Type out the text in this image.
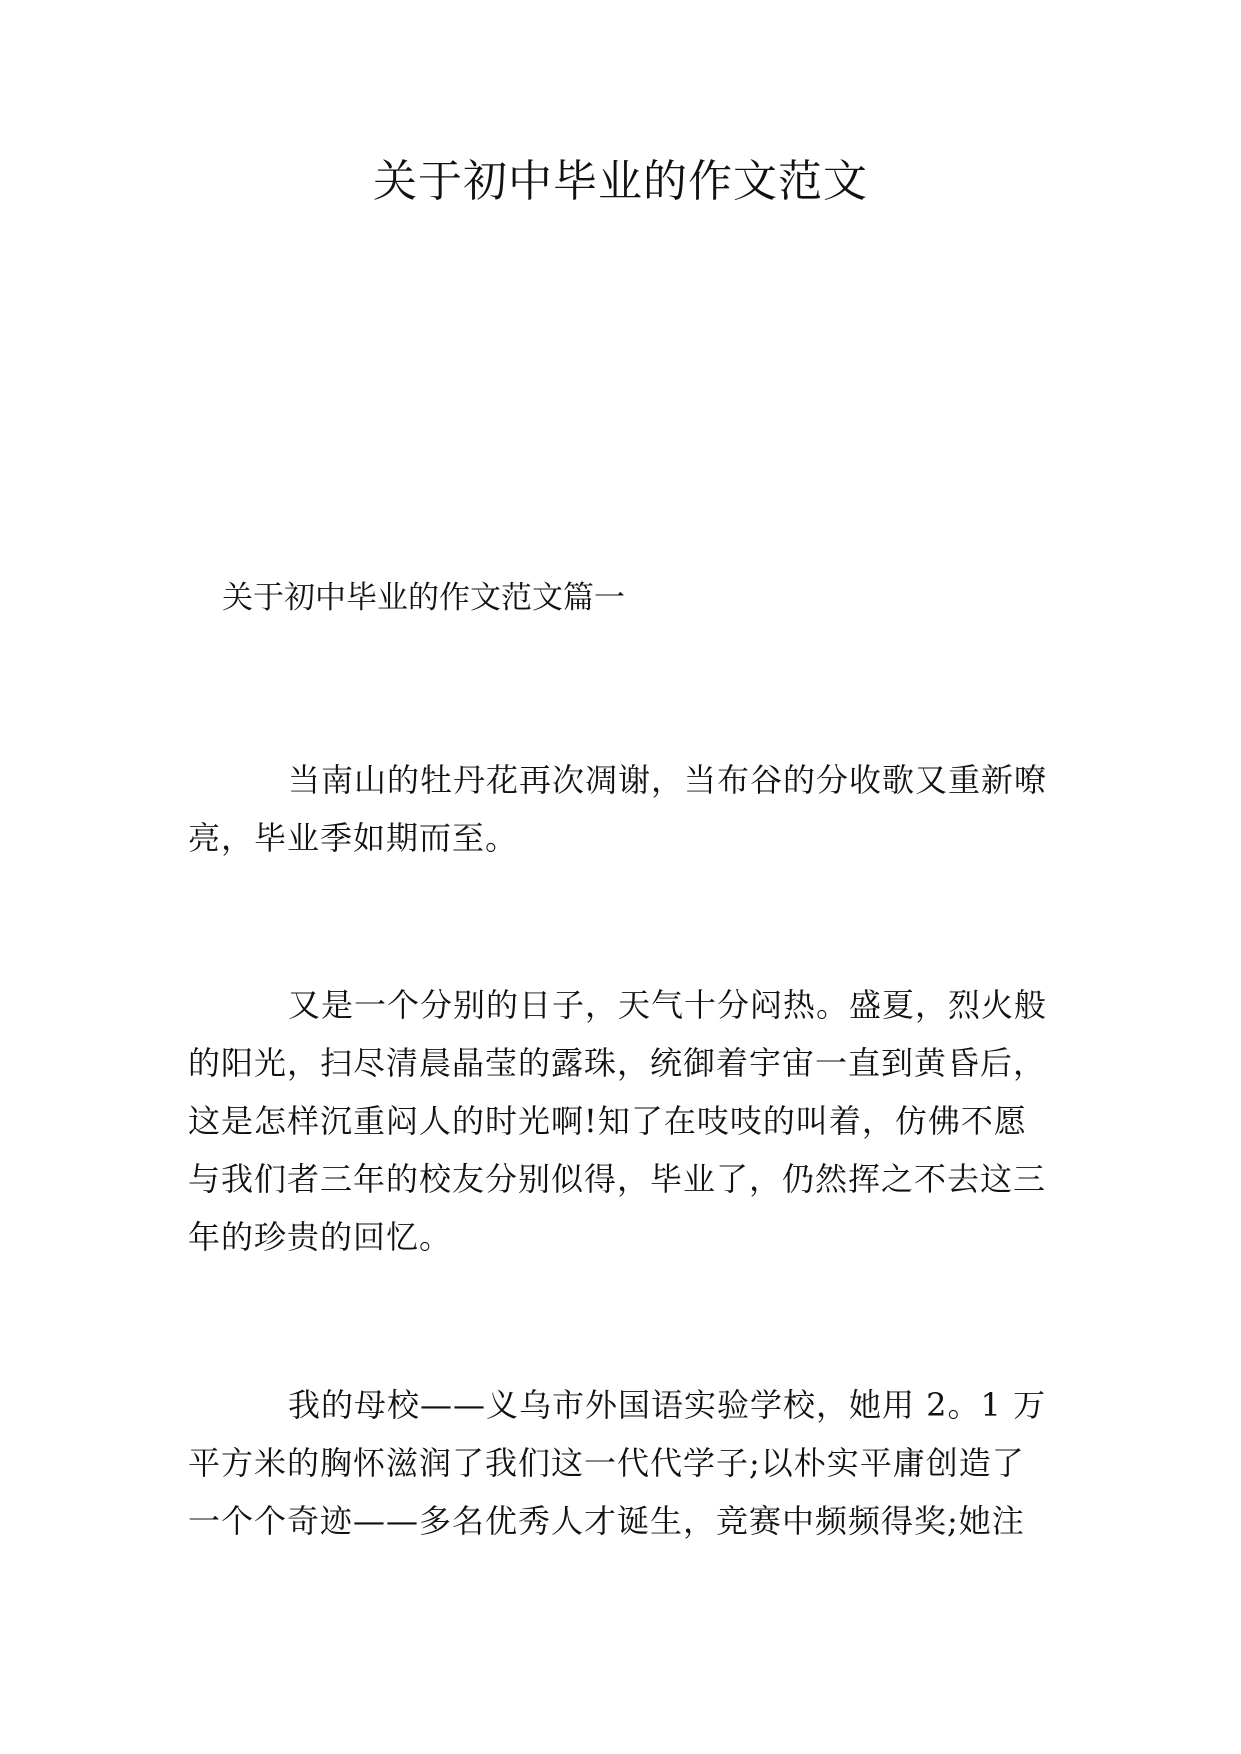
关于初中毕业的作文范文
关于初中毕业的作文范文篇一
当南山的牡丹花再次凋谢，当布谷的分收歌又重新嘹
亮，毕业季如期而至。
又是一个分别的日子，天气十分闷热。盛夏，烈火般
的阳光，扫尽清晨晶莹的露珠，统御着宇宙一直到黄昏后，
这是怎样沉重闷人的时光啊!知了在吱吱的叫着，仿佛不愿
与我们者三年的校友分别似得，毕业了，仍然挥之不去这三
年的珍贵的回忆。
我的母校——义乌市外国语实验学校，她用 2。1 万
平方米的胸怀滋润了我们这一代代学子;以朴实平庸创造了
一个个奇迹——多名优秀人才诞生，竞赛中频频得奖;她注
